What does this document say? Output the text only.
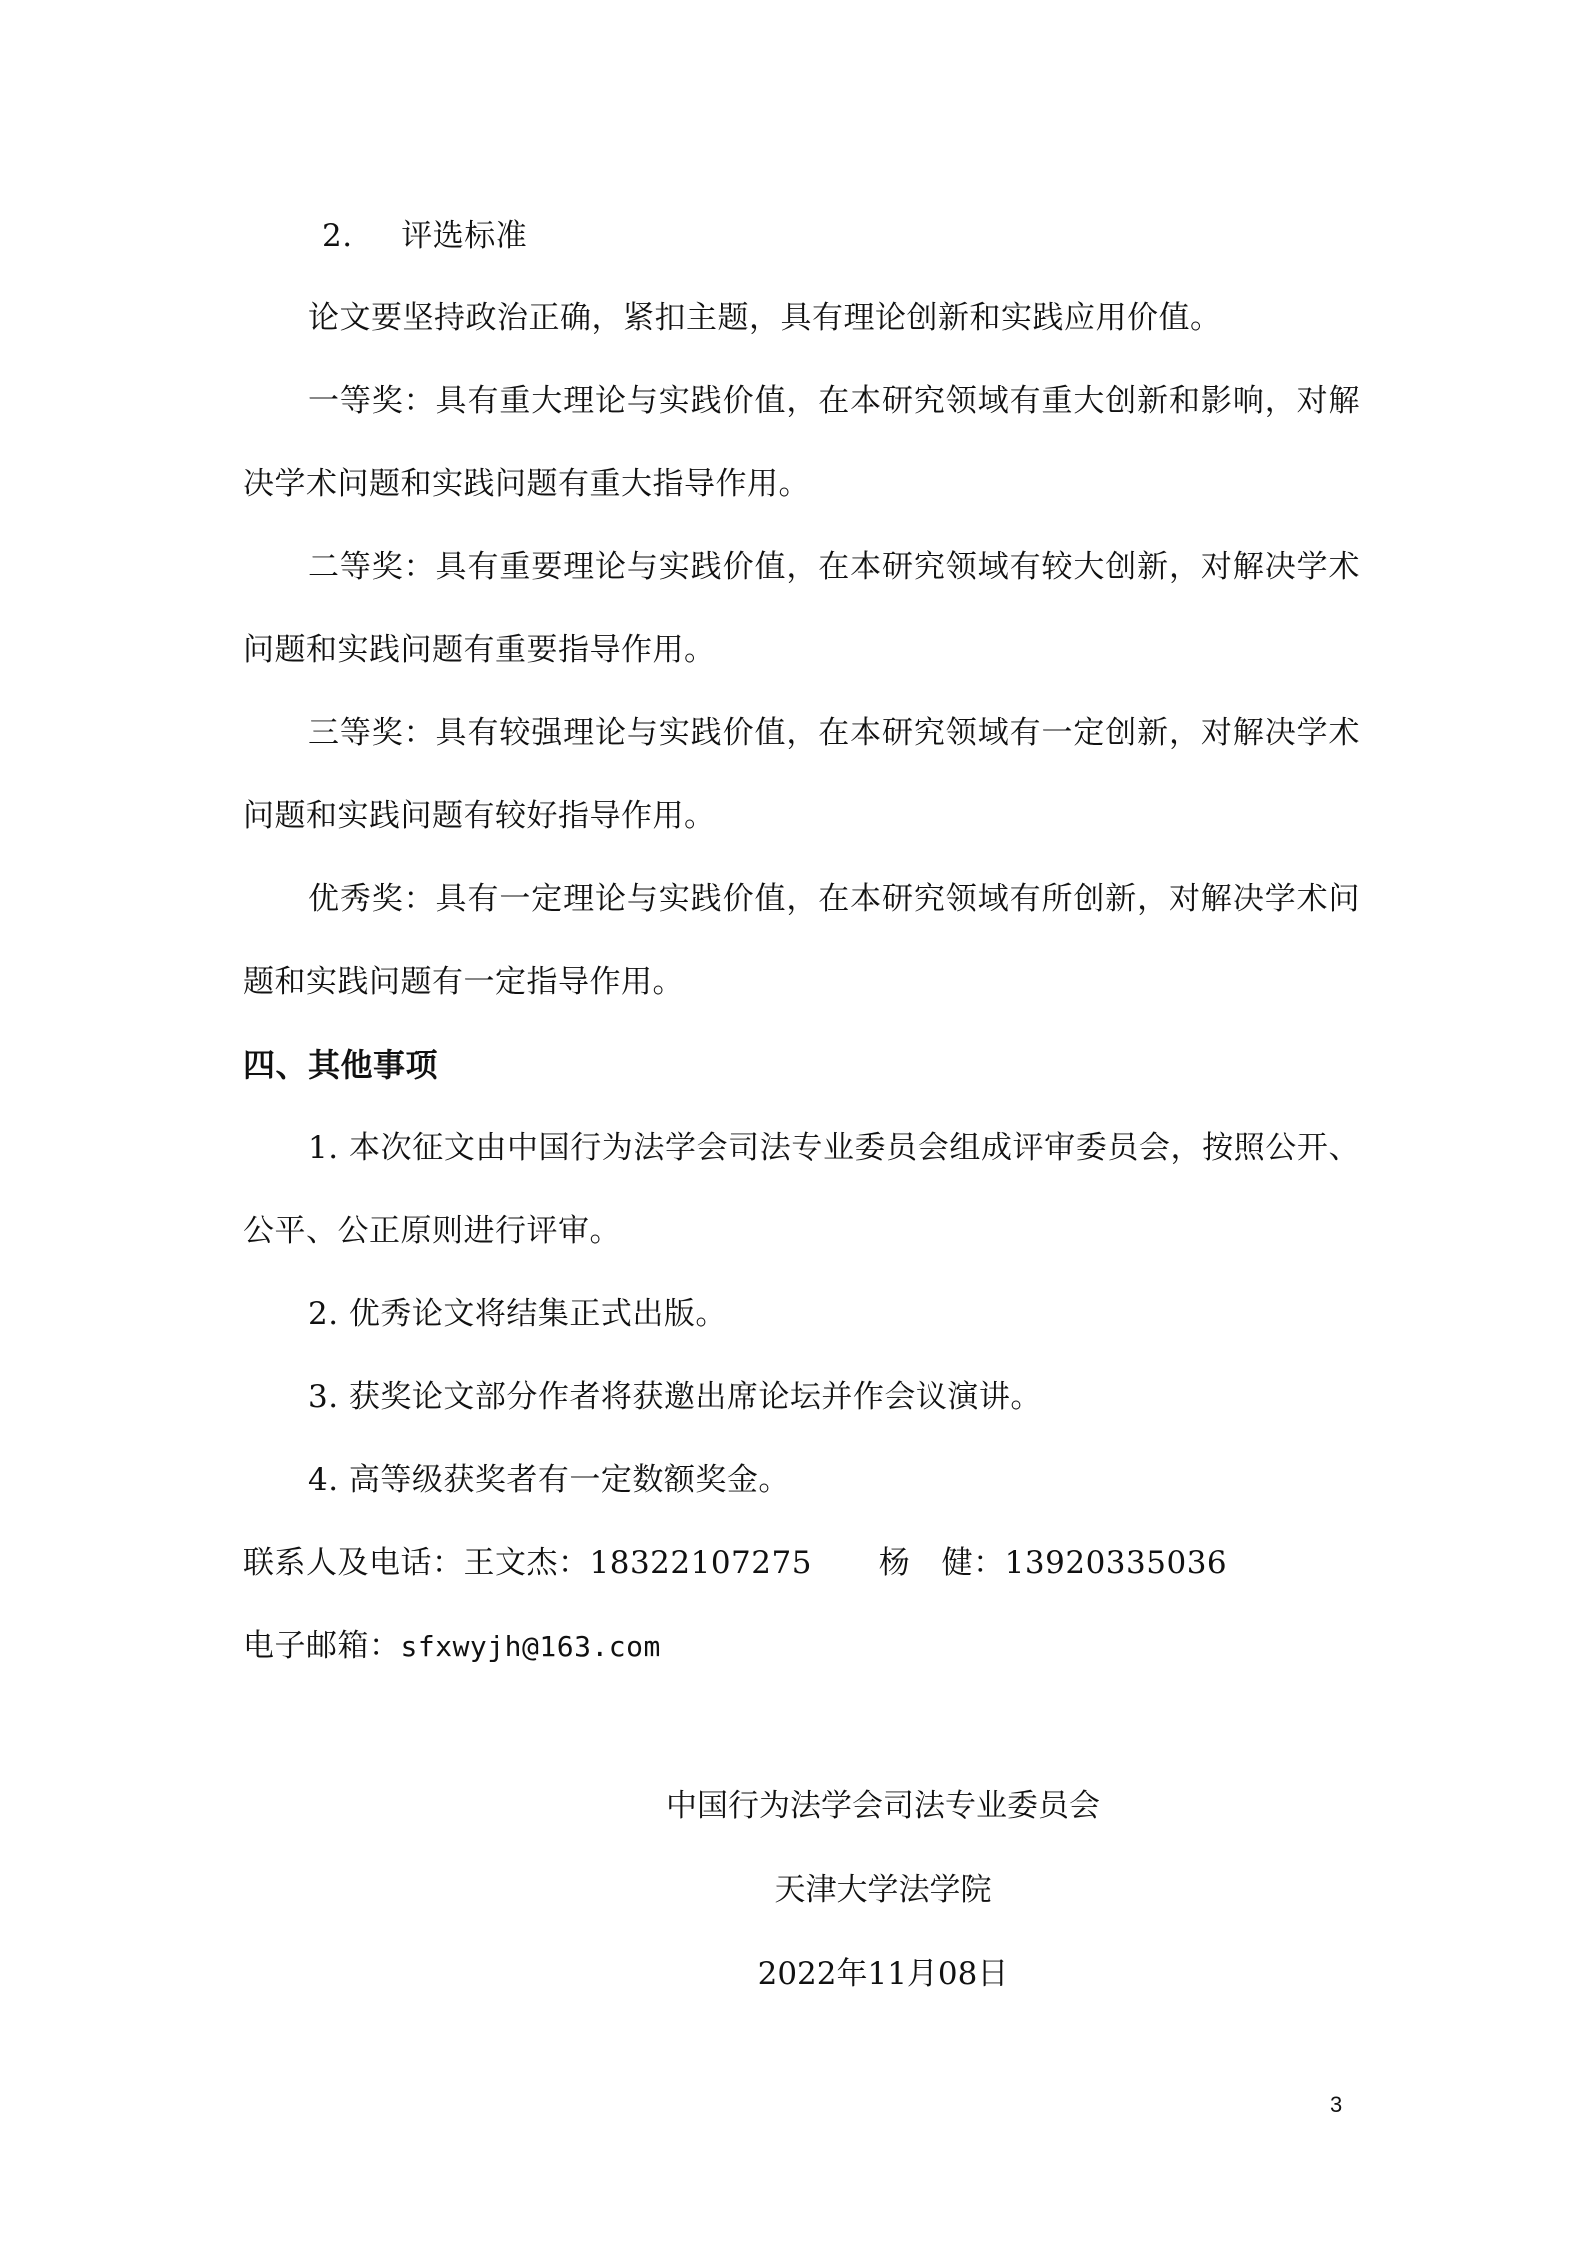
2. 评选标准
论文要坚持政治正确，紧扣主题，具有理论创新和实践应用价值。
一等奖：具有重大理论与实践价值，在本研究领域有重大创新和影响，对解
决学术问题和实践问题有重大指导作用。
二等奖：具有重要理论与实践价值，在本研究领域有较大创新，对解决学术
问题和实践问题有重要指导作用。
三等奖：具有较强理论与实践价值，在本研究领域有一定创新，对解决学术
问题和实践问题有较好指导作用。
优秀奖：具有一定理论与实践价值，在本研究领域有所创新，对解决学术问
题和实践问题有一定指导作用。
四、其他事项
1. 本次征文由中国行为法学会司法专业委员会组成评审委员会，按照公开、
公平、公正原则进行评审。
2. 优秀论文将结集正式出版。
3. 获奖论文部分作者将获邀出席论坛并作会议演讲。
4. 高等级获奖者有一定数额奖金。
联系人及电话：王文杰：18322107275 杨　健：13920335036
电子邮箱：sfxwyjh@163.com
中国行为法学会司法专业委员会
天津大学法学院
2022年11月08日
3
